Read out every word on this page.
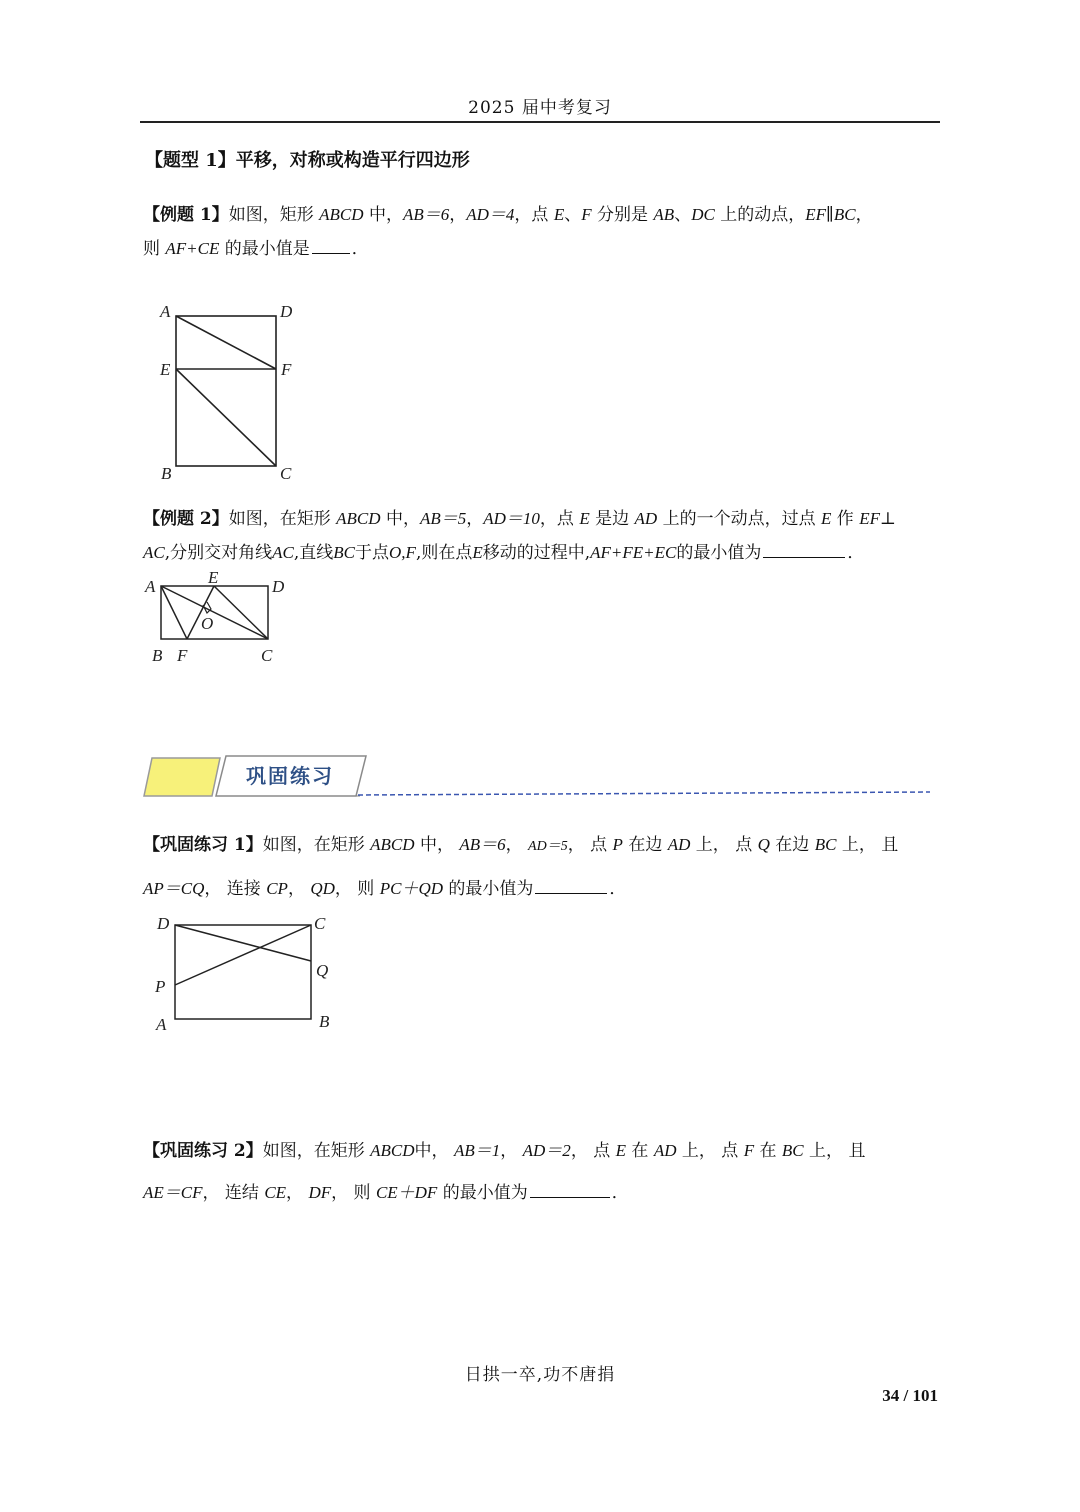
2025 届中考复习
【题型 1】平移，对称或构造平行四边形
【例题 1】如图，矩形 ABCD 中，AB＝6，AD＝4，点 E、F 分别是 AB、DC 上的动点，EF∥BC，
则 AF+CE 的最小值是 ．
A	D
E	F
B	C
【例题 2】如图，在矩形 ABCD 中，AB＝5，AD＝10，点 E 是边 AD 上的一个动点，过点 E 作 EF⊥
AC,分别交对角线AC,直线BC于点O,F,则在点E移动的过程中,AF+FE+EC的最小值为	．
A	E	D
O
B F	C
巩固练习
【巩固练习 1】如图，在矩形 ABCD 中， AB＝6， AD＝5， 点 P 在边 AD 上， 点 Q 在边 BC 上， 且
AP＝CQ， 连接 CP， QD， 则 PC＋QD 的最小值为	．
D	C
Q
P
A	B
【巩固练习 2】如图，在矩形 ABCD中， AB＝1， AD＝2， 点 E 在 AD 上， 点 F 在 BC 上， 且
AE＝CF， 连结 CE， DF， 则 CE＋DF 的最小值为	．
日拱一卒,功不唐捐
34 / 101
